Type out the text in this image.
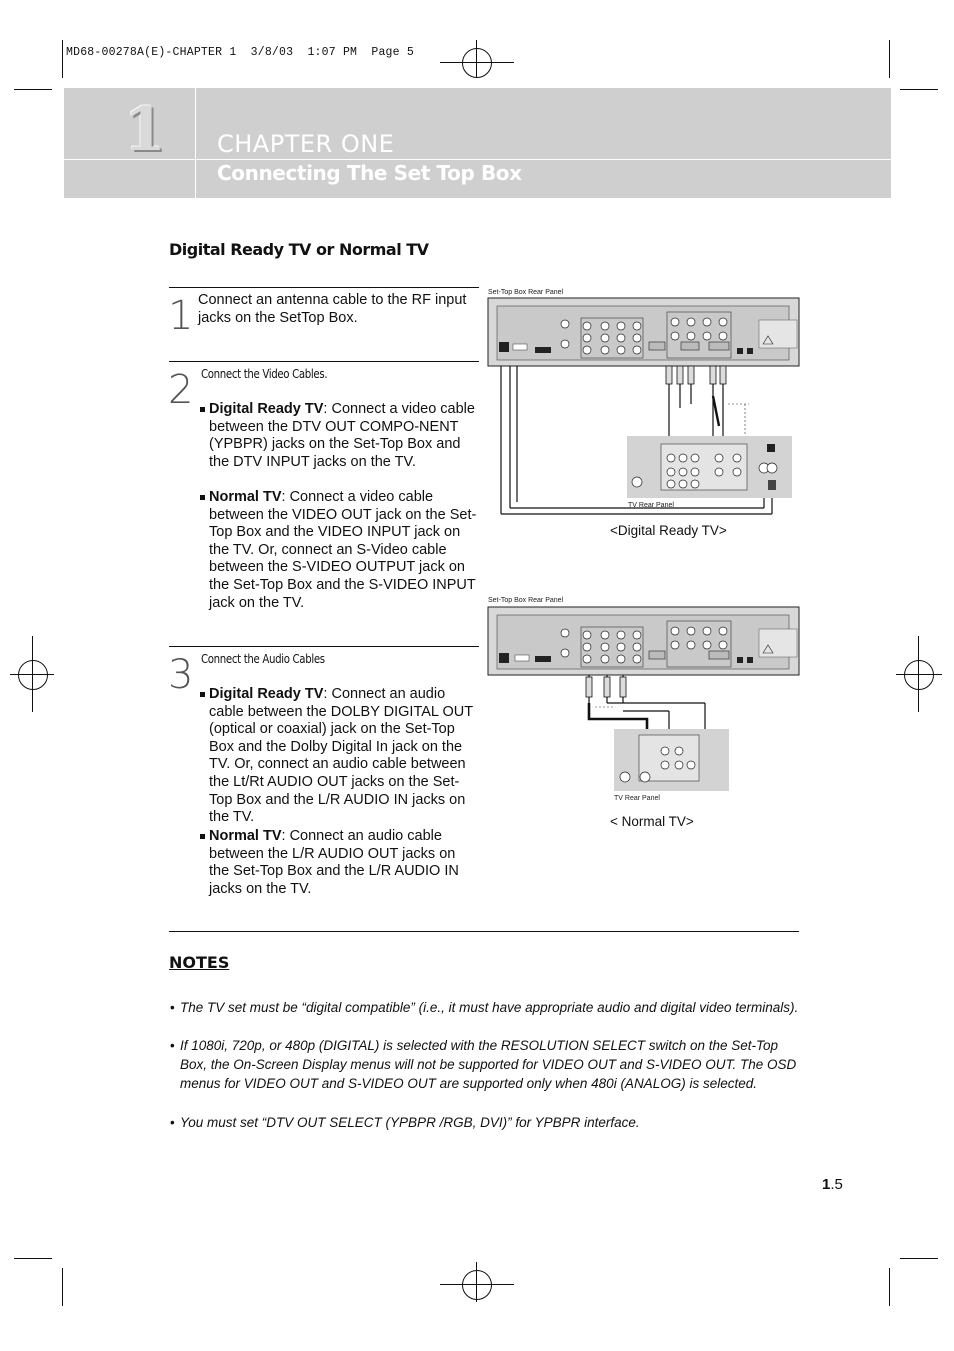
MD68-00278A(E)-CHAPTER 1  3/8/03  1:07 PM  Page 5
1 CHAPTER ONE
Connecting The Set Top Box
Digital Ready TV or Normal TV
1 Connect an antenna cable to the RF input jacks on the SetTop Box.
2 Connect the Video Cables.
Digital Ready TV: Connect a video cable between the DTV OUT COMPO-NENT (YPBPR) jacks on the Set-Top Box and the DTV INPUT jacks on the TV.
Normal TV: Connect a video cable between the VIDEO OUT jack on the Set-Top Box and the VIDEO INPUT jack on the TV. Or, connect an S-Video cable between the S-VIDEO OUTPUT jack on the Set-Top Box and the S-VIDEO INPUT jack on the TV.
3 Connect the Audio Cables
Digital Ready TV: Connect an audio cable between the DOLBY DIGITAL OUT (optical or coaxial) jack on the Set-Top Box and the Dolby Digital In jack on the TV. Or, connect an audio cable between the Lt/Rt AUDIO OUT jacks on the Set-Top Box and the L/R AUDIO IN jacks on the TV.
Normal TV: Connect an audio cable between the L/R AUDIO OUT jacks on the Set-Top Box and the L/R AUDIO IN jacks on the TV.
Set-Top Box Rear Panel
TV Rear Panel
<Digital Ready TV>
Set-Top Box Rear Panel
TV Rear Panel
< Normal TV>
NOTES
• The TV set must be “digital compatible” (i.e., it must have appropriate audio and digital video terminals).
• If 1080i, 720p, or 480p (DIGITAL) is selected with the RESOLUTION SELECT switch on the Set-Top Box, the On-Screen Display menus will not be supported for VIDEO OUT and S-VIDEO OUT. The OSD menus for VIDEO OUT and S-VIDEO OUT are supported only when 480i (ANALOG) is selected.
• You must set “DTV OUT SELECT (YPBPR /RGB, DVI)” for YPBPR interface.
1.5
